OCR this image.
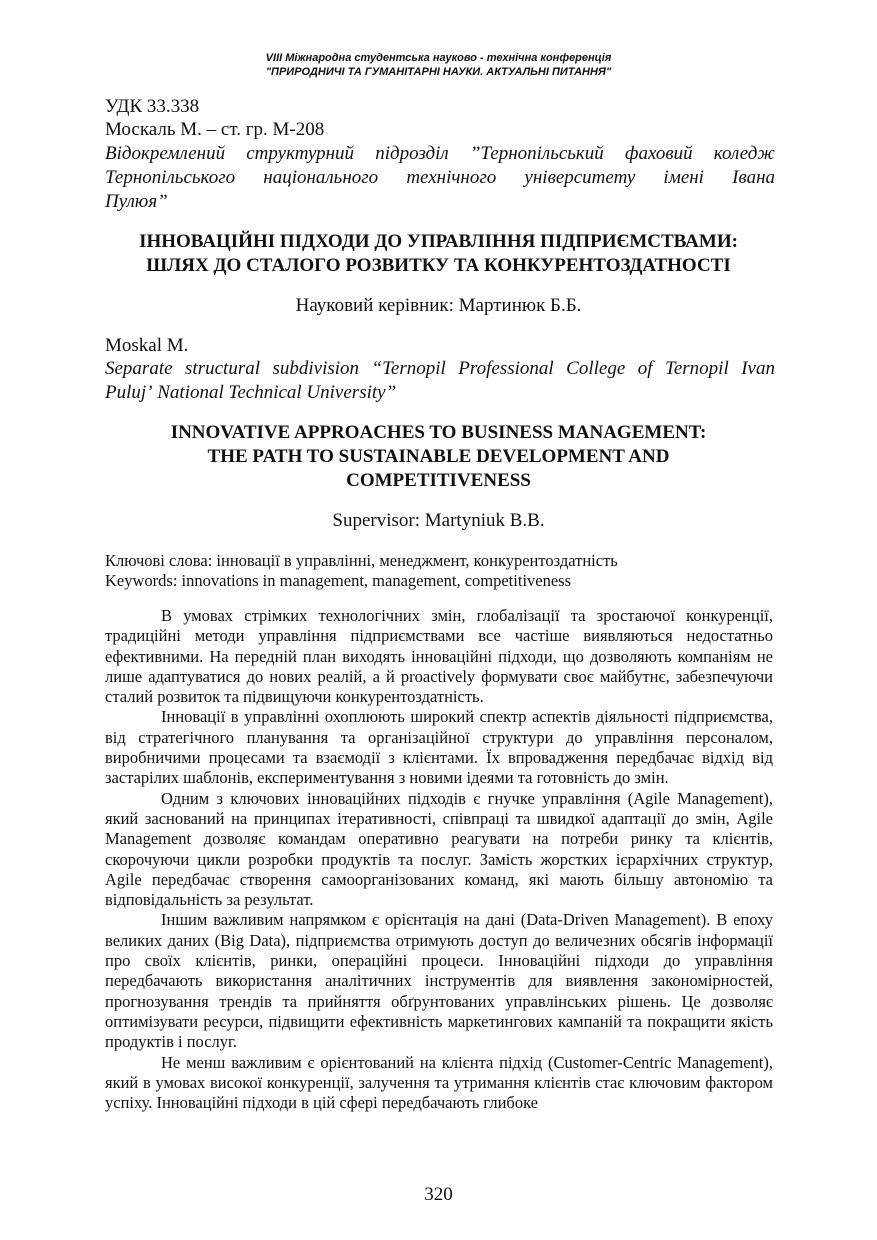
VIII Міжнародна студентська науково - технічна конференція
"ПРИРОДНИЧІ ТА ГУМАНІТАРНІ НАУКИ. АКТУАЛЬНІ ПИТАННЯ"
УДК 33.338
Москаль М. – ст. гр. М-208
Відокремлений структурний підрозділ ”Тернопільський фаховий коледж
Тернопільського національного технічного університету імені Івана
Пулюя”
ІННОВАЦІЙНІ ПІДХОДИ ДО УПРАВЛІННЯ ПІДПРИЄМСТВАМИ:
ШЛЯХ ДО СТАЛОГО РОЗВИТКУ ТА КОНКУРЕНТОЗДАТНОСТІ
Науковий керівник: Мартинюк Б.Б.
Moskal M.
Separate structural subdivision “Ternopil Professional College of Ternopil Ivan
Pulujʼ National Technical University”
INNOVATIVE APPROACHES TO BUSINESS MANAGEMENT:
THE PATH TO SUSTAINABLE DEVELOPMENT AND
COMPETITIVENESS
Supervisor: Martyniuk B.B.
Ключові слова: інновації в управлінні, менеджмент, конкурентоздатність
Keywords: innovations in management, management, competitiveness

В умовах стрімких технологічних змін, глобалізації та зростаючої конкуренції, традиційні методи управління підприємствами все частіше виявляються недостатньо ефективними. На передній план виходять інноваційні підходи, що дозволяють компаніям не лише адаптуватися до нових реалій, а й proactively формувати своє майбутнє, забезпечуючи сталий розвиток та підвищуючи конкурентоздатність.

Інновації в управлінні охоплюють широкий спектр аспектів діяльності підприємства, від стратегічного планування та організаційної структури до управління персоналом, виробничими процесами та взаємодії з клієнтами. Їх впровадження передбачає відхід від застарілих шаблонів, експериментування з новими ідеями та готовність до змін.

Одним з ключових інноваційних підходів є гнучке управління (Agile Management), який заснований на принципах ітеративності, співпраці та швидкої адаптації до змін, Agile Management дозволяє командам оперативно реагувати на потреби ринку та клієнтів, скорочуючи цикли розробки продуктів та послуг. Замість жорстких ієрархічних структур, Agile передбачає створення самоорганізованих команд, які мають більшу автономію та відповідальність за результат.

Іншим важливим напрямком є орієнтація на дані (Data-Driven Management). В епоху великих даних (Big Data), підприємства отримують доступ до величезних обсягів інформації про своїх клієнтів, ринки, операційні процеси. Інноваційні підходи до управління передбачають використання аналітичних інструментів для виявлення закономірностей, прогнозування трендів та прийняття обґрунтованих управлінських рішень. Це дозволяє оптимізувати ресурси, підвищити ефективність маркетингових кампаній та покращити якість продуктів і послуг.

Не менш важливим є орієнтований на клієнта підхід (Customer-Centric Management), який в умовах високої конкуренції, залучення та утримання клієнтів стає ключовим фактором успіху. Інноваційні підходи в цій сфері передбачають глибоке

320
